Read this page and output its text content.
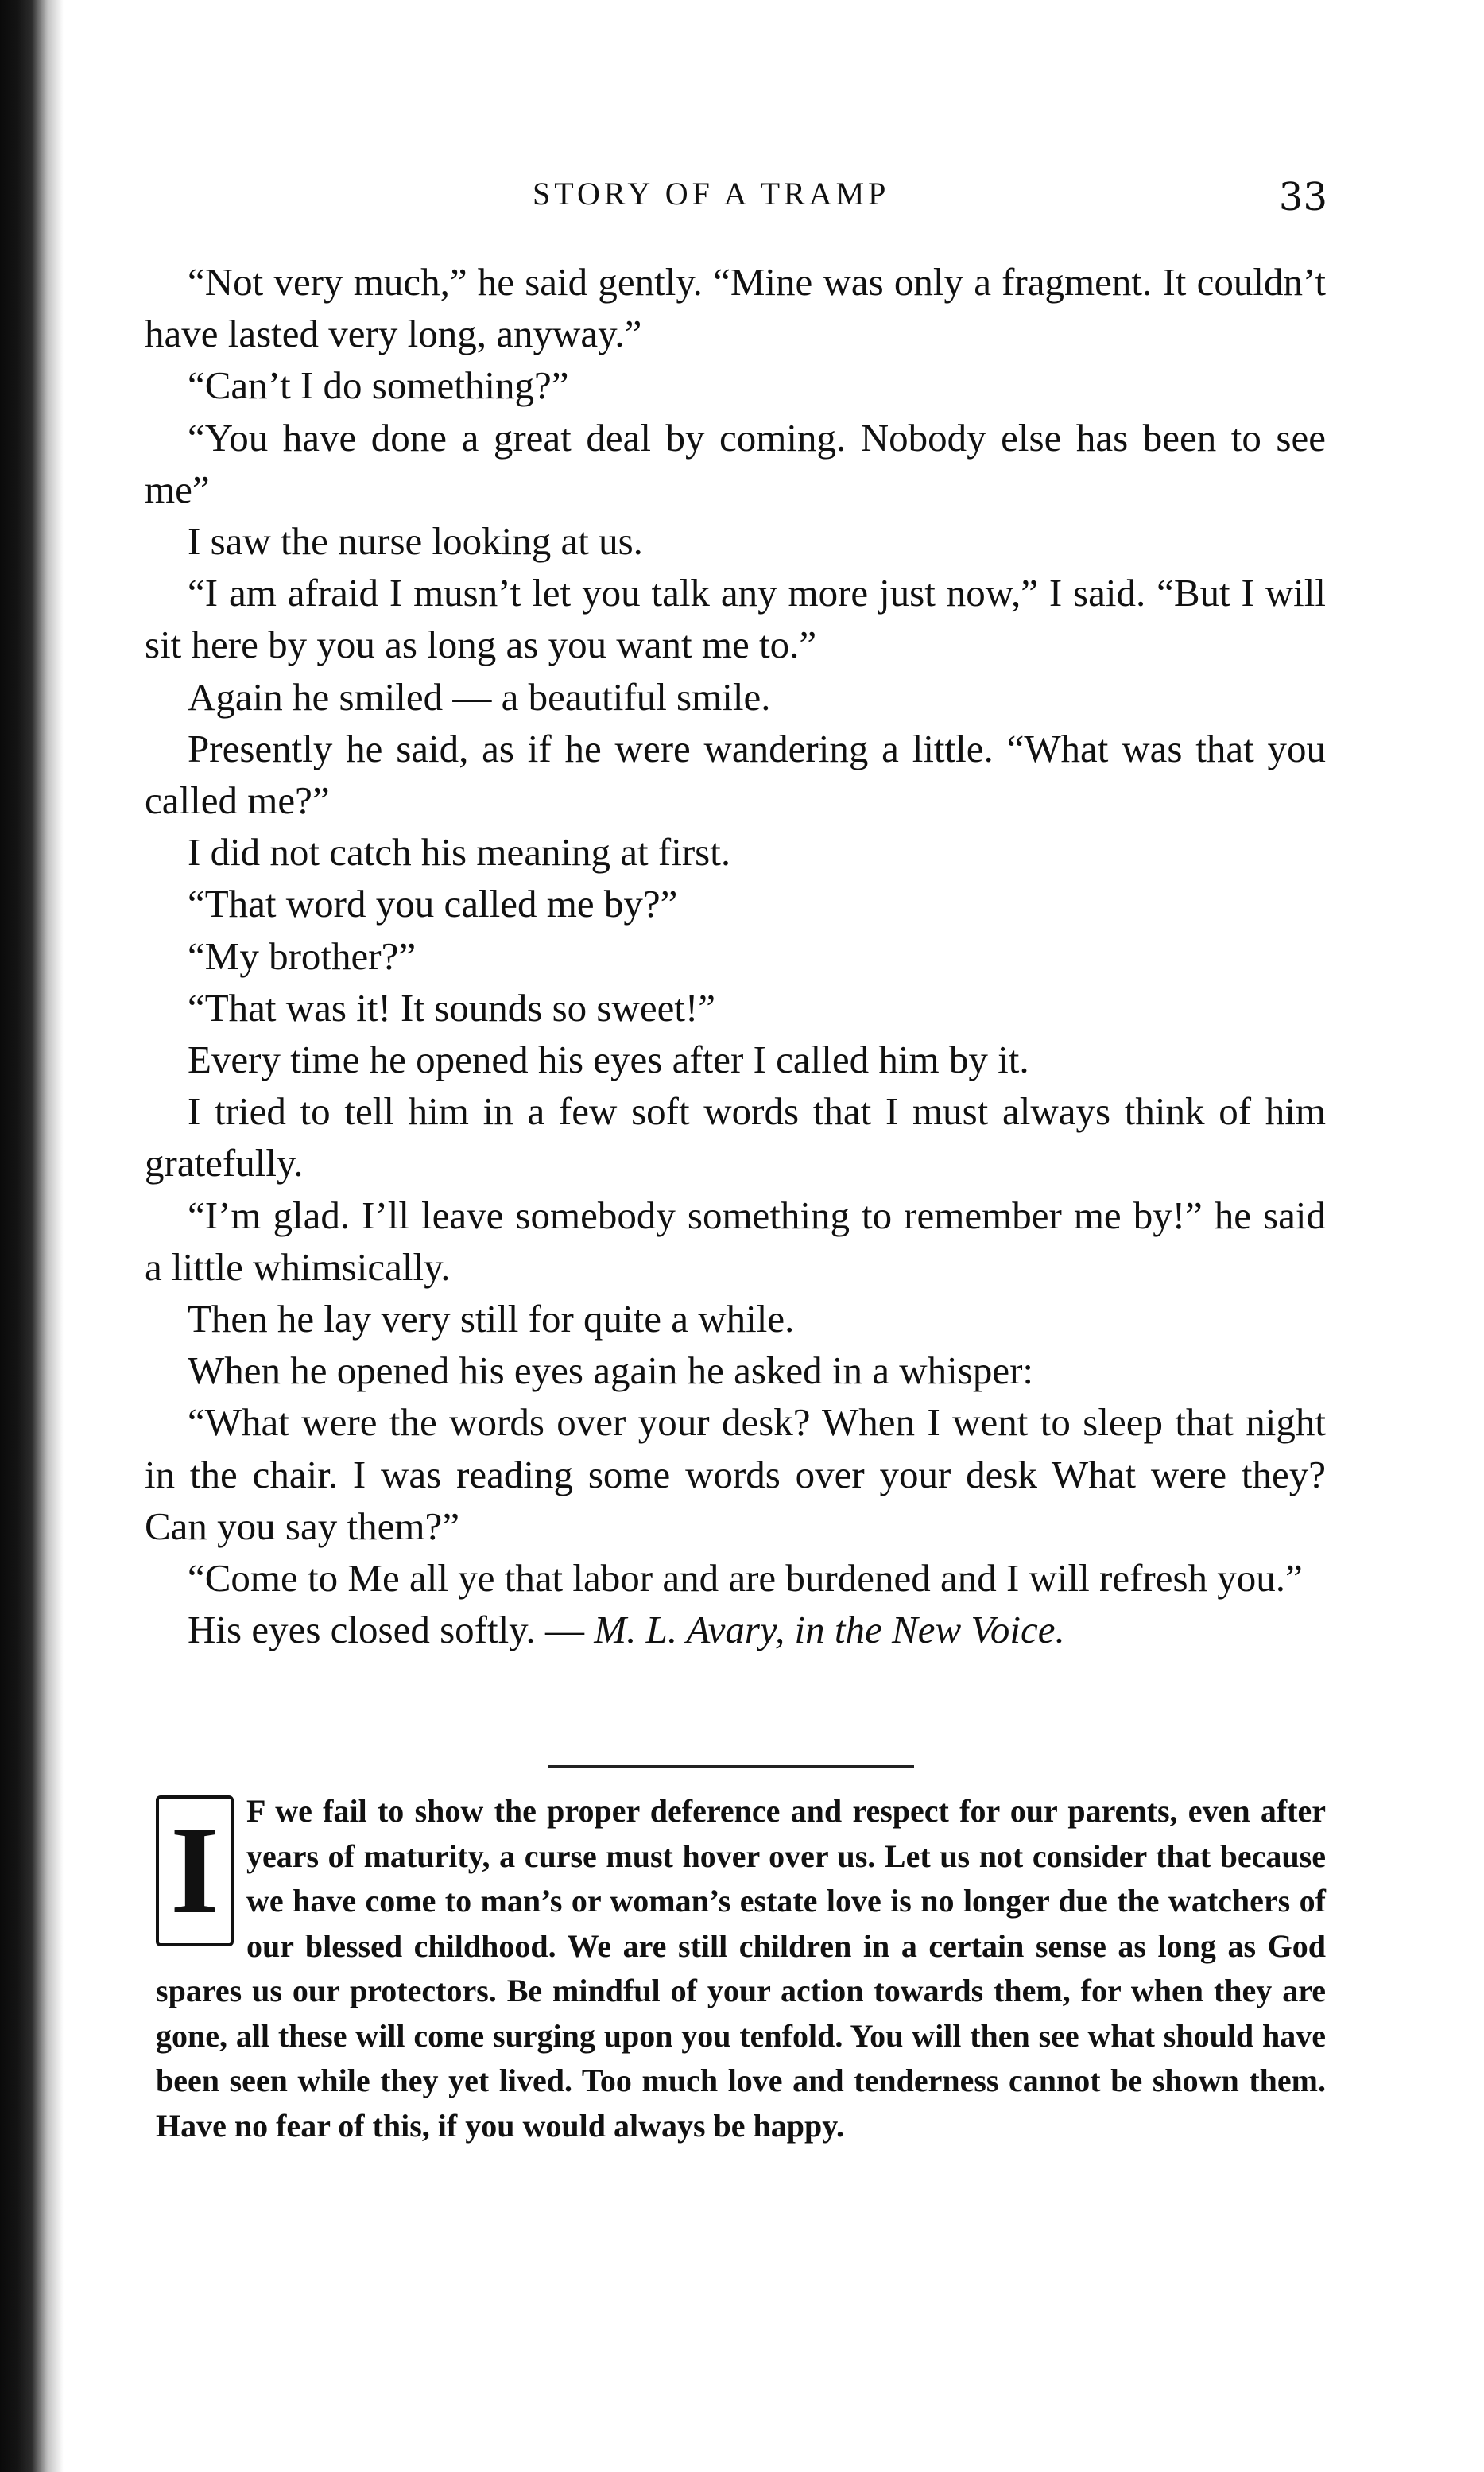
STORY OF A TRAMP	33

“Not very much,” he said gently. “Mine was only a fragment. It couldn’t have lasted very long, anyway.”

“Can’t I do something?”

“You have done a great deal by coming. Nobody else has been to see me”

I saw the nurse looking at us.

“I am afraid I musn’t let you talk any more just now,” I said. “But I will sit here by you as long as you want me to.”

Again he smiled — a beautiful smile.

Presently he said, as if he were wandering a little. “What was that you called me?”

I did not catch his meaning at first.

“That word you called me by?”

“My brother?”

“That was it! It sounds so sweet!”

Every time he opened his eyes after I called him by it.

I tried to tell him in a few soft words that I must always think of him gratefully.

“I’m glad. I’ll leave somebody something to remember me by!” he said a little whimsically.

Then he lay very still for quite a while.

When he opened his eyes again he asked in a whisper:

“What were the words over your desk? When I went to sleep that night in the chair. I was reading some words over your desk What were they? Can you say them?”

“Come to Me all ye that labor and are burdened and I will refresh you.”

His eyes closed softly. — M. L. Avary, in the New Voice.

I F we fail to show the proper deference and respect for our parents, even after years of maturity, a curse must hover over us. Let us not consider that because we have come to man’s or woman’s estate love is no longer due the watchers of our blessed childhood. We are still children in a certain sense as long as God spares us our protectors. Be mindful of your action towards them, for when they are gone, all these will come surging upon you tenfold. You will then see what should have been seen while they yet lived. Too much love and tenderness cannot be shown them. Have no fear of this, if you would always be happy.
